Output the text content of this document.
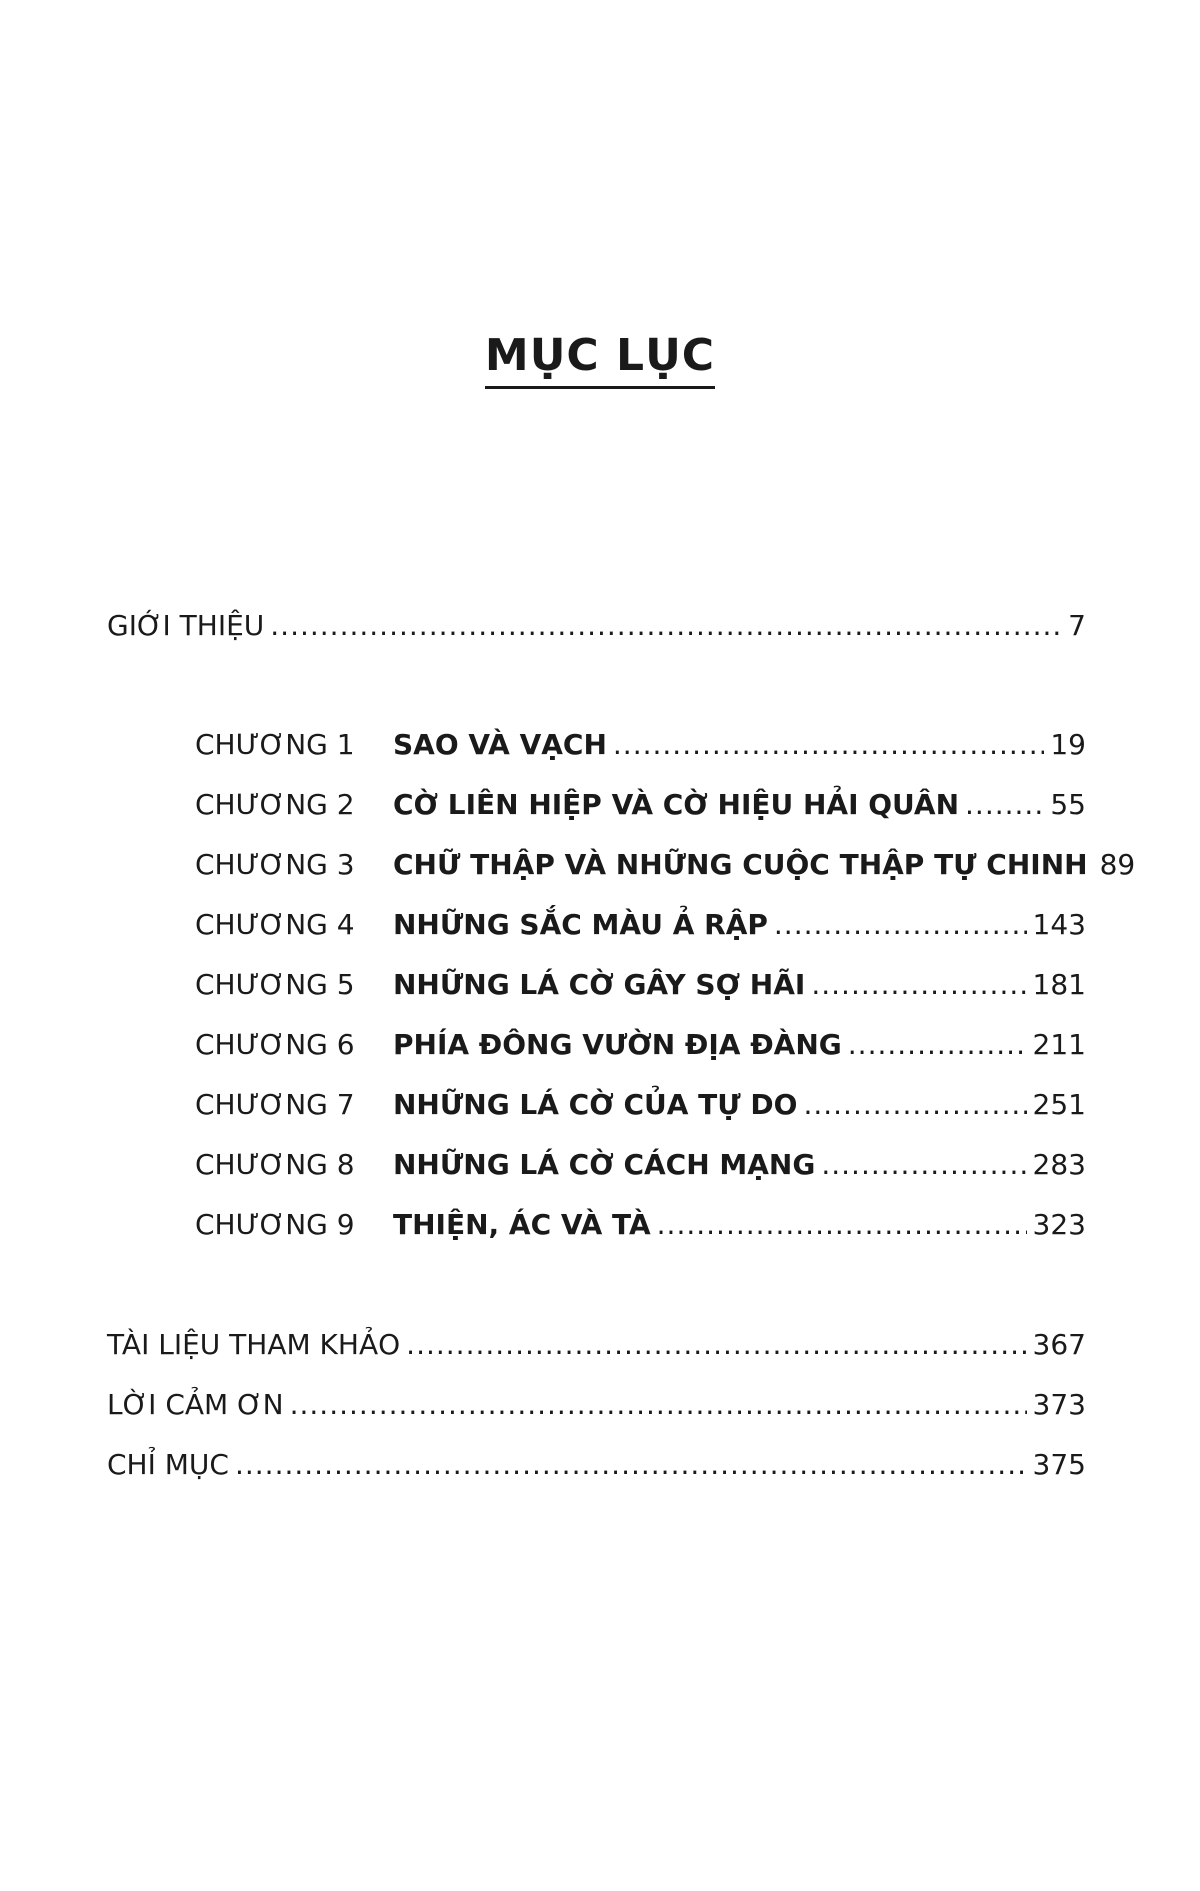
MỤC LỤC
GIỚI THIỆU .....	7
CHƯƠNG 1	SAO VÀ VẠCH .....	19
CHƯƠNG 2	CỜ LIÊN HIỆP VÀ CỜ HIỆU HẢI QUÂN .....	55
CHƯƠNG 3	CHỮ THẬP VÀ NHỮNG CUỘC THẬP TỰ CHINH 89
CHƯƠNG 4	NHỮNG SẮC MÀU Ả RẬP .....	143
CHƯƠNG 5	NHỮNG LÁ CỜ GÂY SỢ HÃI .....	181
CHƯƠNG 6	PHÍA ĐÔNG VƯỜN ĐỊA ĐÀNG .....	211
CHƯƠNG 7	NHỮNG LÁ CỜ CỦA TỰ DO .....	251
CHƯƠNG 8	NHỮNG LÁ CỜ CÁCH MẠNG .....	283
CHƯƠNG 9	THIỆN, ÁC VÀ TÀ .....	323
TÀI LIỆU THAM KHẢO .....	367
LỜI CẢM ƠN .....	373
CHỈ MỤC .....	375
